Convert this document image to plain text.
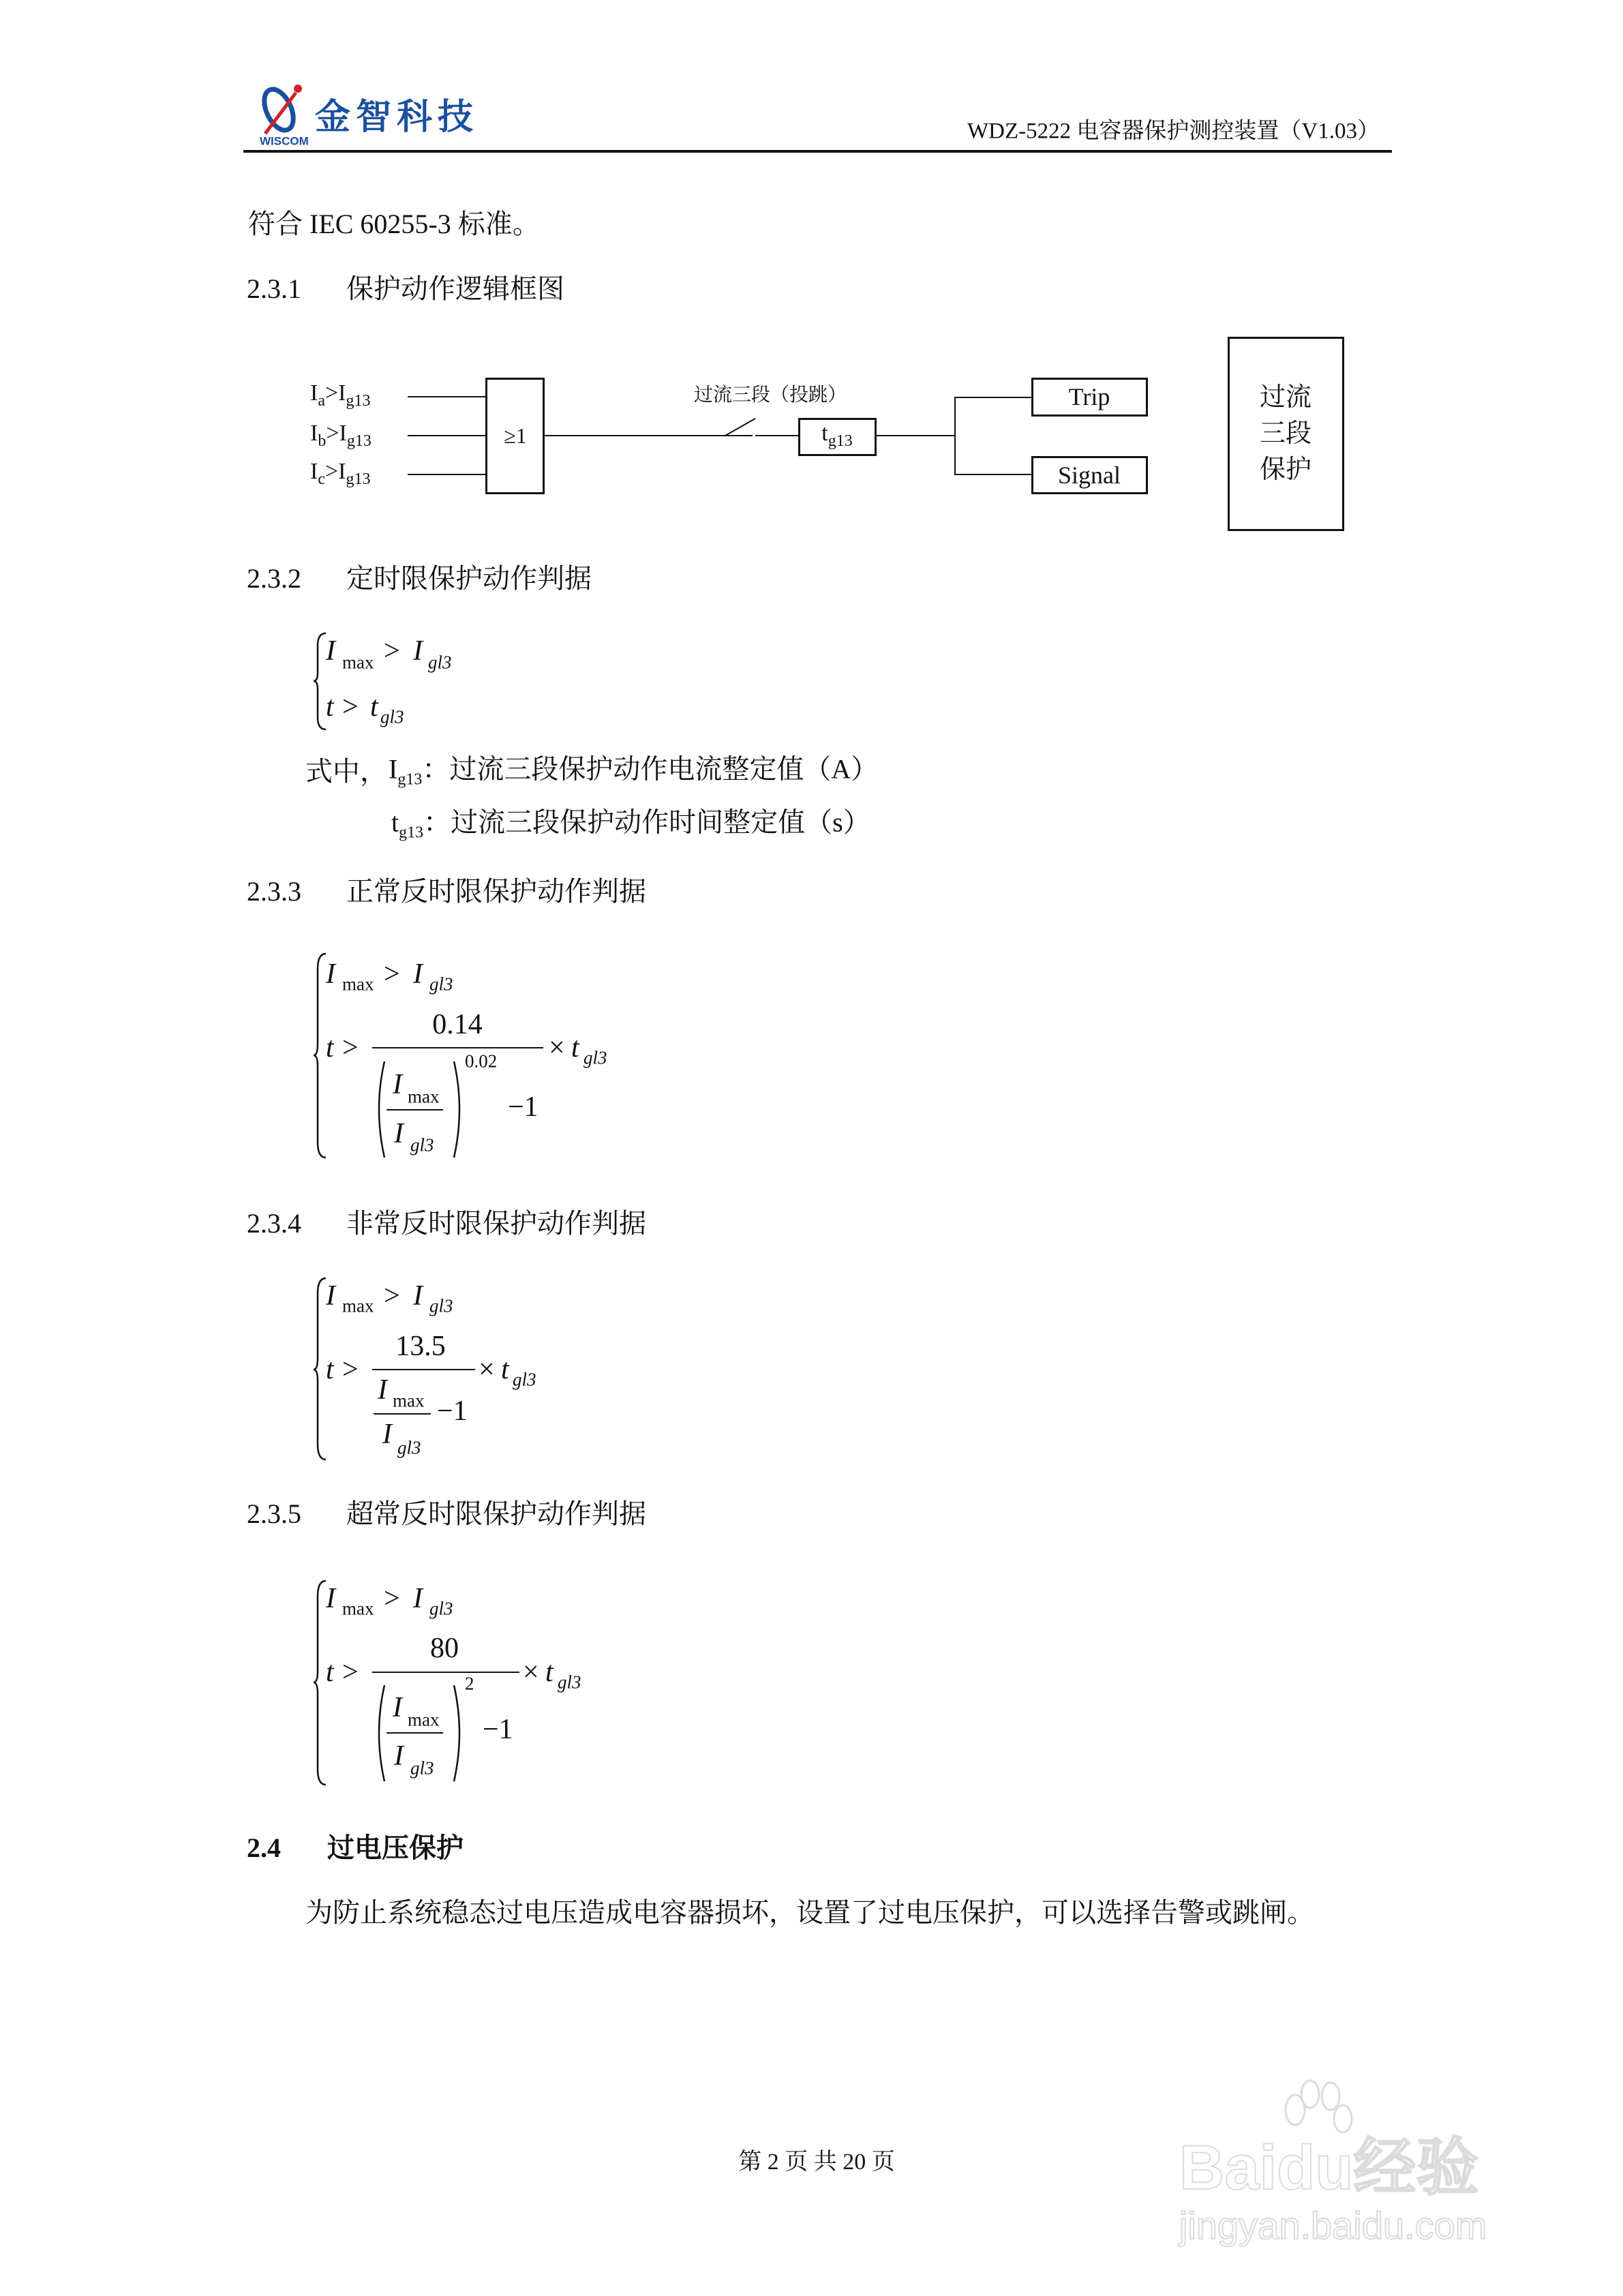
金智科技
WISCOM	WDZ-5222 电容器保护测控装置（V1.03）
符合 IEC 60255-3 标准。
2.3.1 保护动作逻辑框图
$I_a>I_{g13}$
$I_b>I_{g13}$
$I_c>I_{g13}$
≥1
过流三段（投跳）
$t_{g13}$
Trip
Signal
过流
三段
保护
2.3.2 定时限保护动作判据
I max > I gl3
t > t gl3
式中， $I_{g13}$：过流三段保护动作电流整定值（A）
$t_{g13}$：过流三段保护动作时间整定值（s）
2.3.3 正常反时限保护动作判据
I max > I gl3
t >
0.14
× t gl3
I max
I gl3
0.02
−1
2.3.4 非常反时限保护动作判据
I max > I gl3
t >
13.5
× t gl3
I max
I gl3
−1
2.3.5 超常反时限保护动作判据
I max > I gl3
t >
80
× t gl3
I max
I gl3
2
−1
2.4 过电压保护
为防止系统稳态过电压造成电容器损坏，设置了过电压保护，可以选择告警或跳闸。
第 2 页 共 20 页	Baidu经验
jingyan.baidu.com
